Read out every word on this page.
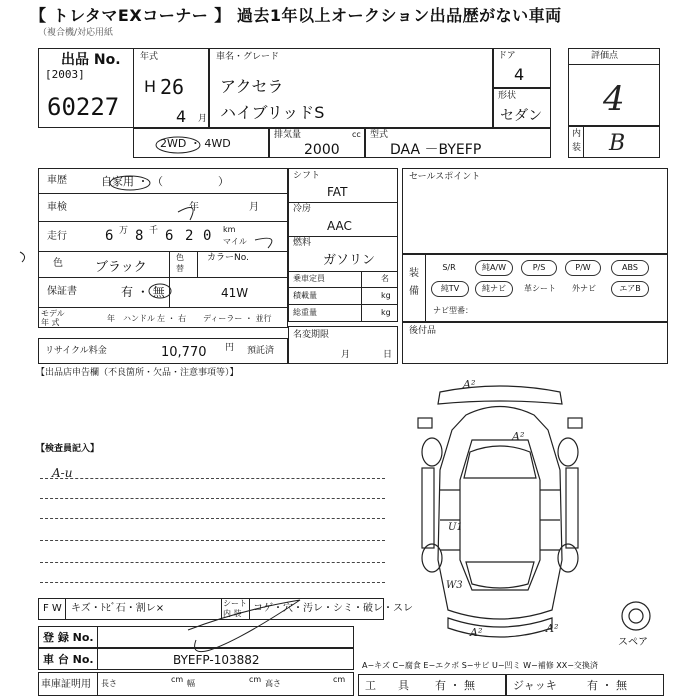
【 トレタマEXコーナー 】 過去1年以上オークション出品歴がない車両
（複合機/対応用紙
出品 No.
[2003]
60227
年式
H 26
4 月
車名・グレード
アクセラ
ハイブリッドS
ドア
4
形状
セダン
評価点
4
内
装 B
2WD ・ 4WD
排気量	cc
2000
型式
DAA －BYEFP
車歴	自家用 ・ （　　　　　）
車検	年	月
走行	6 万 8 千 6 2 0 km
マイル
色 ブラック
色
替
カラーNo.
保証書	有 ・ 無	41W
モデル
年 式	年 ハンドル 左 ・ 右 ディーラー ・ 並行
リサイクル料金	10,770 円 預託済
シフト
FAT
冷房
AAC
燃料
ガソリン
乗車定員	名
積載量	kg
総重量	kg
名変期限
月	日
セールスポイント
装
備
S/R	純A/W	P/S	P/W	ABS
純TV	純ナビ	革シート	外ナビ	エアB
ナビ型番：
後付品
【出品店申告欄（不良箇所・欠品・注意事項等）】
【検査員記入】
A-u
A²
A²
U1
W3
A²	A²
スペア
F W キズ・ﾄﾋﾞ石・割レ×	シート
内 装 コゲ・穴・汚レ・シミ・破レ・スレ
登 録 No.
車 台 No.	BYEFP-103882
車庫証明用 長さ	cm 幅	cm 高さ	cm
A−キズ C−腐食 E−エクボ S−サビ U−凹ミ W−補修 XX−交換済
工　　具 有 ・ 無	ジャッキ	有 ・ 無
